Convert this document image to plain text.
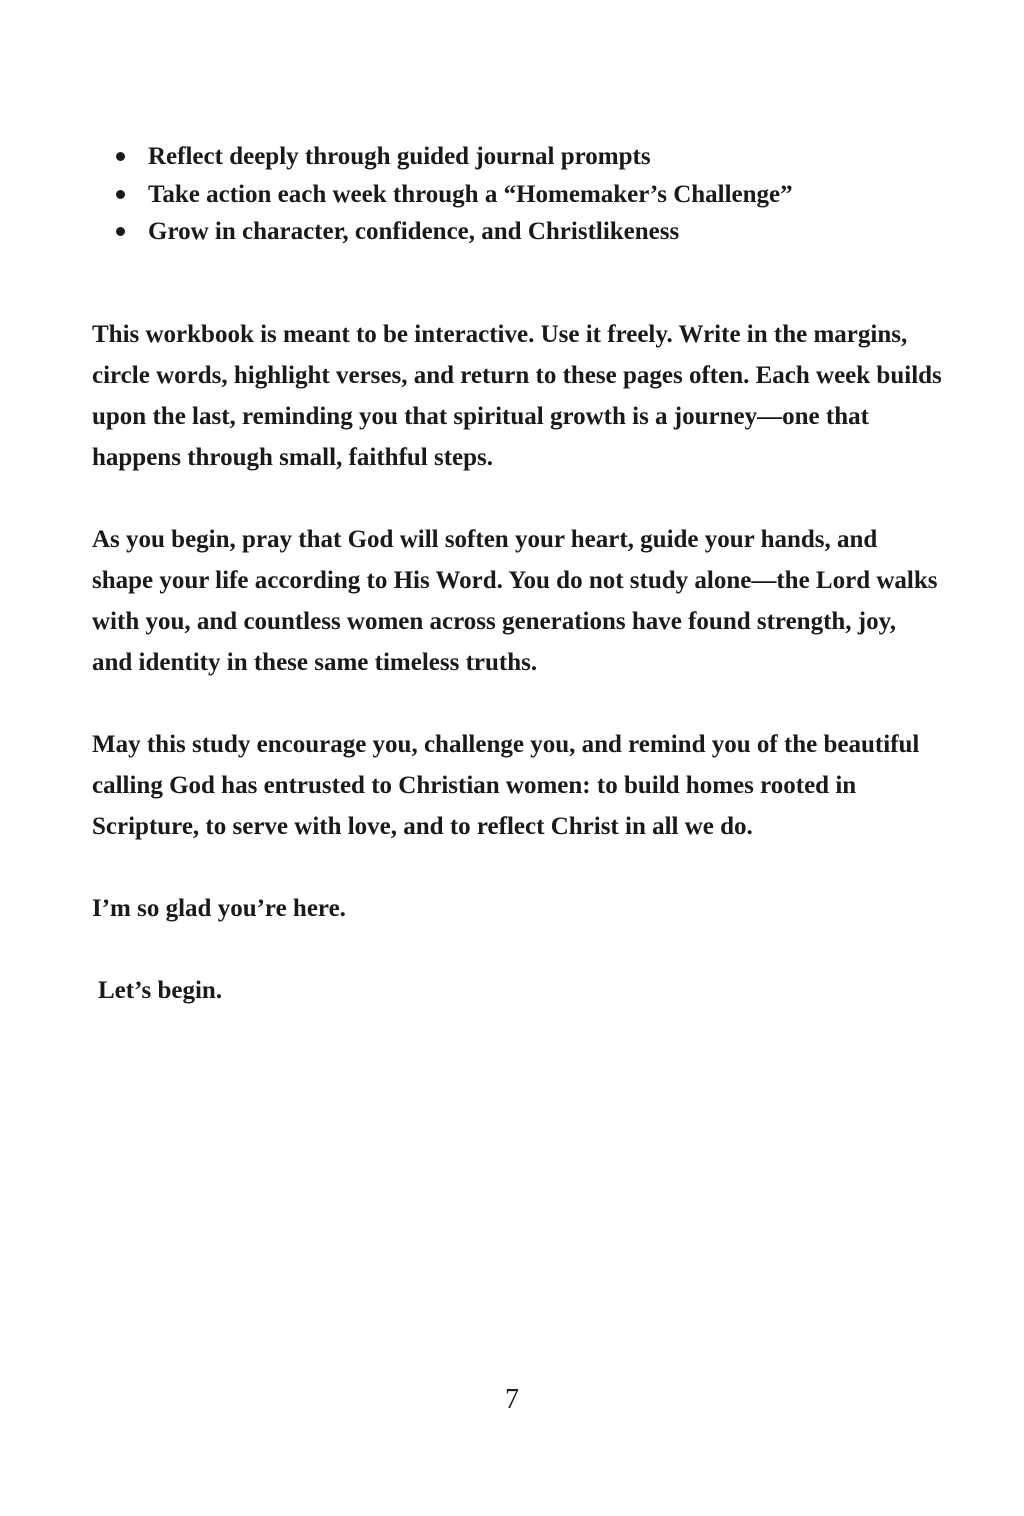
Reflect deeply through guided journal prompts
Take action each week through a “Homemaker’s Challenge”
Grow in character, confidence, and Christlikeness

This workbook is meant to be interactive. Use it freely. Write in the margins, circle words, highlight verses, and return to these pages often. Each week builds upon the last, reminding you that spiritual growth is a journey—one that happens through small, faithful steps.

As you begin, pray that God will soften your heart, guide your hands, and shape your life according to His Word. You do not study alone—the Lord walks with you, and countless women across generations have found strength, joy, and identity in these same timeless truths.

May this study encourage you, challenge you, and remind you of the beautiful calling God has entrusted to Christian women: to build homes rooted in Scripture, to serve with love, and to reflect Christ in all we do.

I’m so glad you’re here.

Let’s begin.

7
